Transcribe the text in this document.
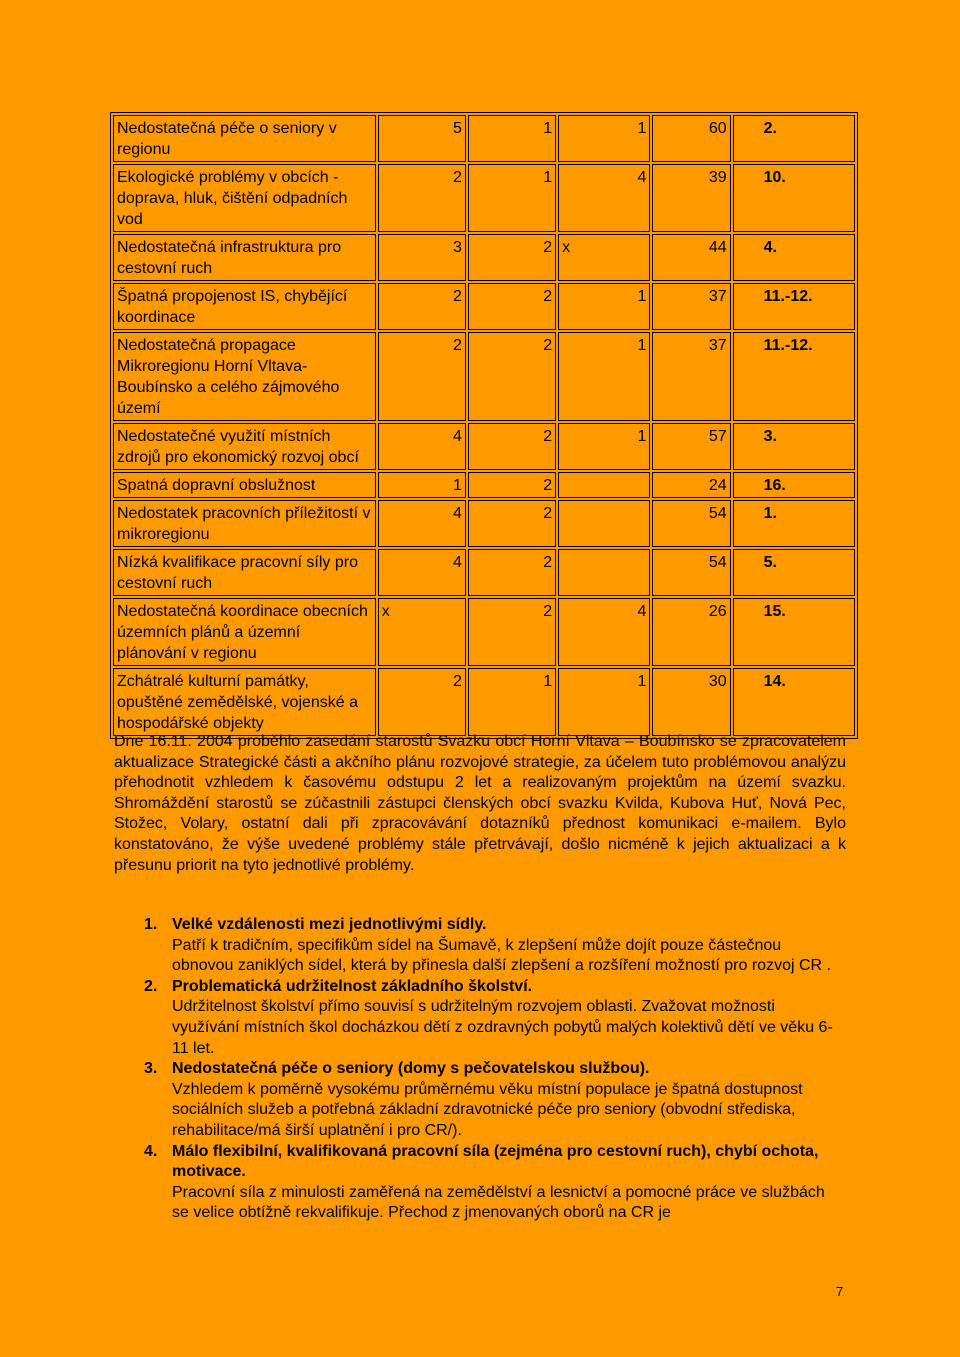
Nedostatečná péče o seniory v regionu	5	1	1	60	2.
Ekologické problémy v obcích - doprava, hluk, čištění odpadních vod	2	1	4	39	10.
Nedostatečná infrastruktura pro cestovní ruch	3	2	x	44	4.
Špatná propojenost IS, chybějící koordinace	2	2	1	37	11.-12.
Nedostatečná propagace Mikroregionu Horní Vltava- Boubínsko a celého zájmového území	2	2	1	37	11.-12.
Nedostatečné využití místních zdrojů pro ekonomický rozvoj obcí	4	2	1	57	3.
Spatná dopravní obslužnost	1	2		24	16.
Nedostatek pracovních příležitostí v mikroregionu	4	2		54	1.
Nízká kvalifikace pracovní síly pro cestovní ruch	4	2		54	5.
Nedostatečná koordinace obecních územních plánů a územní plánování v regionu	x	2	4	26	15.
Zchátralé kulturní památky, opuštěné zemědělské, vojenské a hospodářské objekty	2	1	1	30	14.

Dne 16.11. 2004 proběhlo zasedání starostů Svazku obcí Horní Vltava – Boubínsko se zpracovatelem aktualizace Strategické části a akčního plánu rozvojové strategie, za účelem tuto problémovou analýzu přehodnotit vzhledem k časovému odstupu 2 let a realizovaným projektům na území svazku. Shromáždění starostů se zúčastnili zástupci členských obcí svazku Kvilda, Kubova Huť, Nová Pec, Stožec, Volary, ostatní dali při zpracovávání dotazníků přednost komunikaci e-mailem. Bylo konstatováno, že výše uvedené problémy stále přetrvávají, došlo nicméně k jejich aktualizaci a k přesunu priorit na tyto jednotlivé problémy.

1. Velké vzdálenosti mezi jednotlivými sídly.
Patří k tradičním, specifikům sídel na Šumavě, k zlepšení může dojít pouze částečnou obnovou zaniklých sídel, která by přinesla další zlepšení a rozšíření možností pro rozvoj CR .
2. Problematická udržitelnost základního školství.
Udržitelnost školství přímo souvisí s udržitelným rozvojem oblasti. Zvažovat možnosti využívání místních škol docházkou dětí z ozdravných pobytů malých kolektivů dětí ve věku 6-11 let.
3. Nedostatečná péče o seniory (domy s pečovatelskou službou).
Vzhledem k poměrně vysokému průměrnému věku místní populace je špatná dostupnost sociálních služeb a potřebná základní zdravotnické péče pro seniory (obvodní střediska, rehabilitace/má širší uplatnění i pro CR/).
4. Málo flexibilní, kvalifikovaná pracovní síla (zejména pro cestovní ruch), chybí ochota, motivace.
Pracovní síla z minulosti zaměřená na zemědělství a lesnictví a pomocné práce ve službách se velice obtížně rekvalifikuje. Přechod z jmenovaných oborů na CR je
7
